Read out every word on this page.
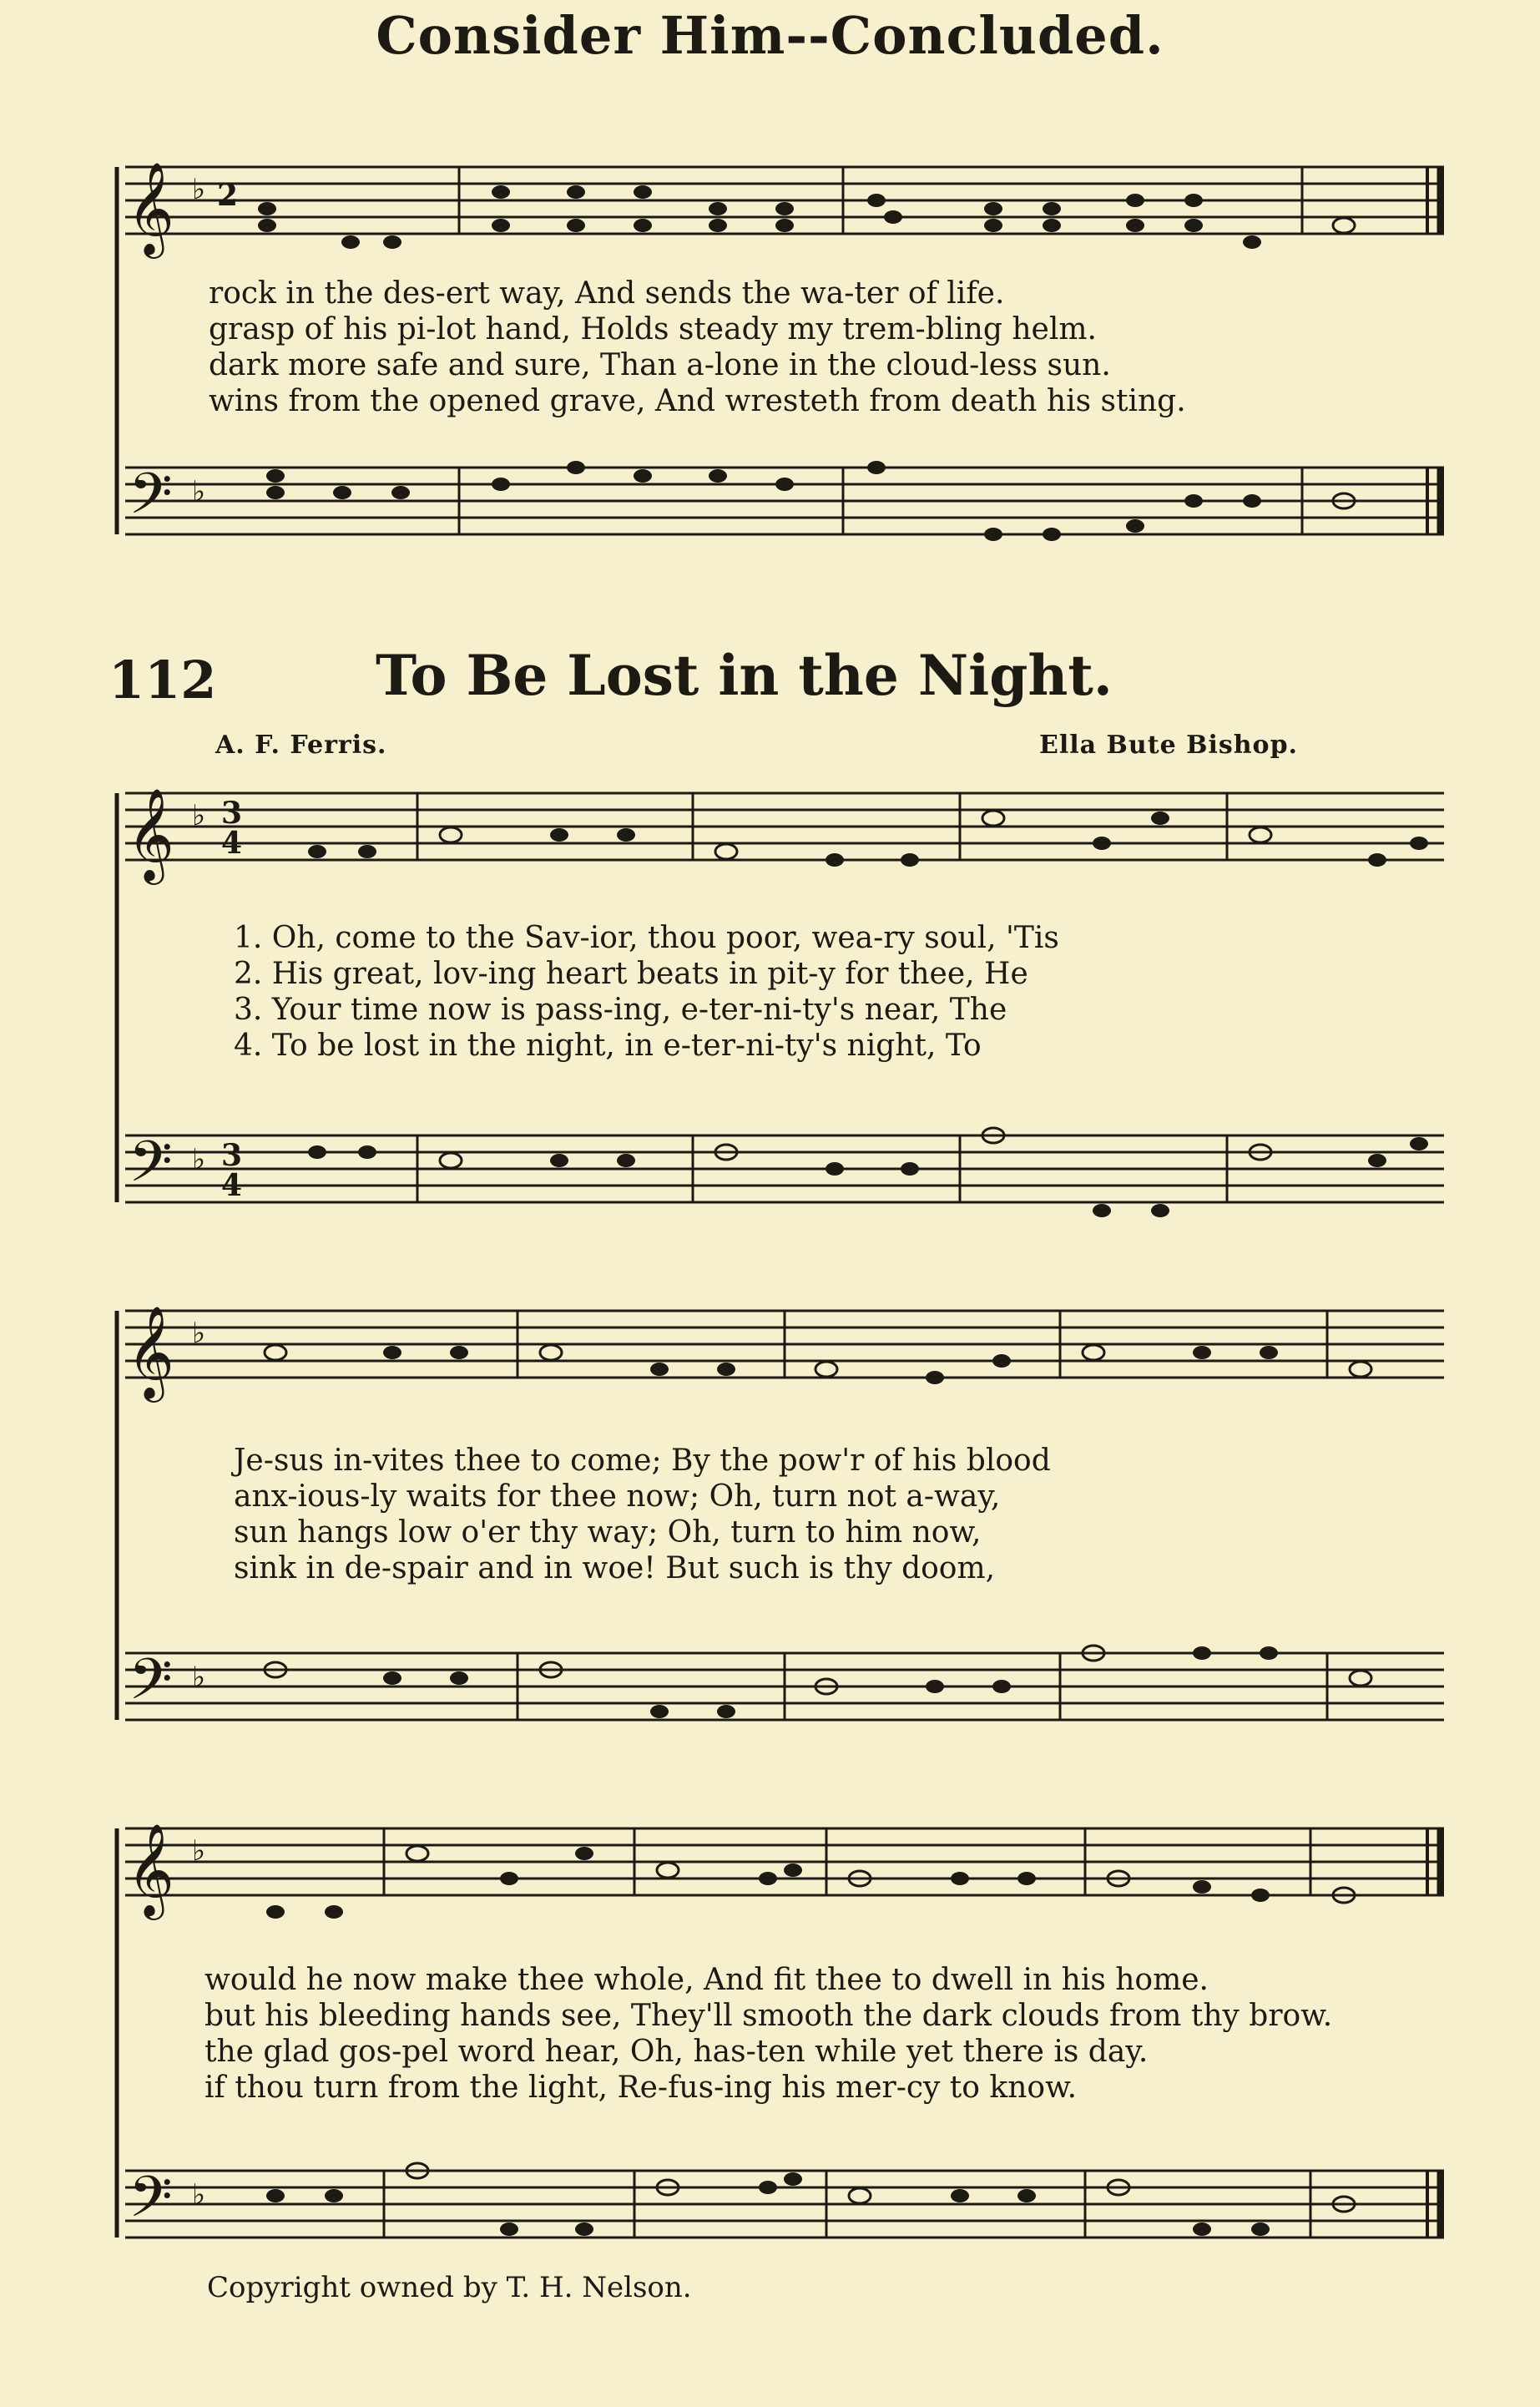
Consider Him--Concluded.
𝄞
𝄢
♭
♭
2
rock in the des-ert way, And sends the wa-ter of life.
grasp of his pi-lot hand, Holds steady my trem-bling helm.
dark more safe and sure, Than a-lone in the cloud-less sun.
wins from the opened grave, And wresteth from death his sting.
112	To Be Lost in the Night.
A. F. Ferris.	Ella Bute Bishop.
𝄞
𝄢
♭
♭
3
4
3
4
1. Oh, come to the Sav-ior, thou poor, wea-ry soul, 'Tis
2. His great, lov-ing heart beats in pit-y for thee, He
3. Your time now is pass-ing, e-ter-ni-ty's near, The
4. To be lost in the night, in e-ter-ni-ty's night, To
𝄞
𝄢
♭
♭
Je-sus in-vites thee to come; By the pow'r of his blood
anx-ious-ly waits for thee now; Oh, turn not a-way,
sun hangs low o'er thy way; Oh, turn to him now,
sink in de-spair and in woe! But such is thy doom,
𝄞
𝄢
♭
♭
would he now make thee whole, And fit thee to dwell in his home.
but his bleeding hands see, They'll smooth the dark clouds from thy brow.
the glad gos-pel word hear, Oh, has-ten while yet there is day.
if thou turn from the light, Re-fus-ing his mer-cy to know.
Copyright owned by T. H. Nelson.
